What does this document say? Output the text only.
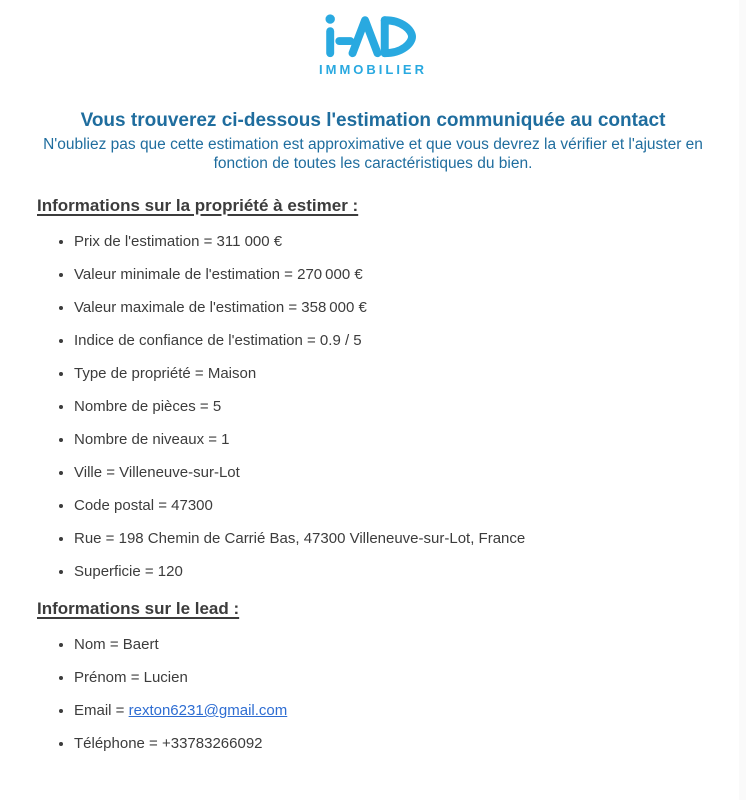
IMMOBILIER
Vous trouverez ci-dessous l'estimation communiquée au contact
N'oubliez pas que cette estimation est approximative et que vous devrez la vérifier et l'ajuster en fonction de toutes les caractéristiques du bien.
Informations sur la propriété à estimer :
• Prix de l'estimation = 311 000 €
• Valeur minimale de l'estimation = 270 000 €
• Valeur maximale de l'estimation = 358 000 €
• Indice de confiance de l'estimation = 0.9 / 5
• Type de propriété = Maison
• Nombre de pièces = 5
• Nombre de niveaux = 1
• Ville = Villeneuve-sur-Lot
• Code postal = 47300
• Rue = 198 Chemin de Carrié Bas, 47300 Villeneuve-sur-Lot, France
• Superficie = 120
Informations sur le lead :
• Nom = Baert
• Prénom = Lucien
• Email = rexton6231@gmail.com
• Téléphone = +33783266092
